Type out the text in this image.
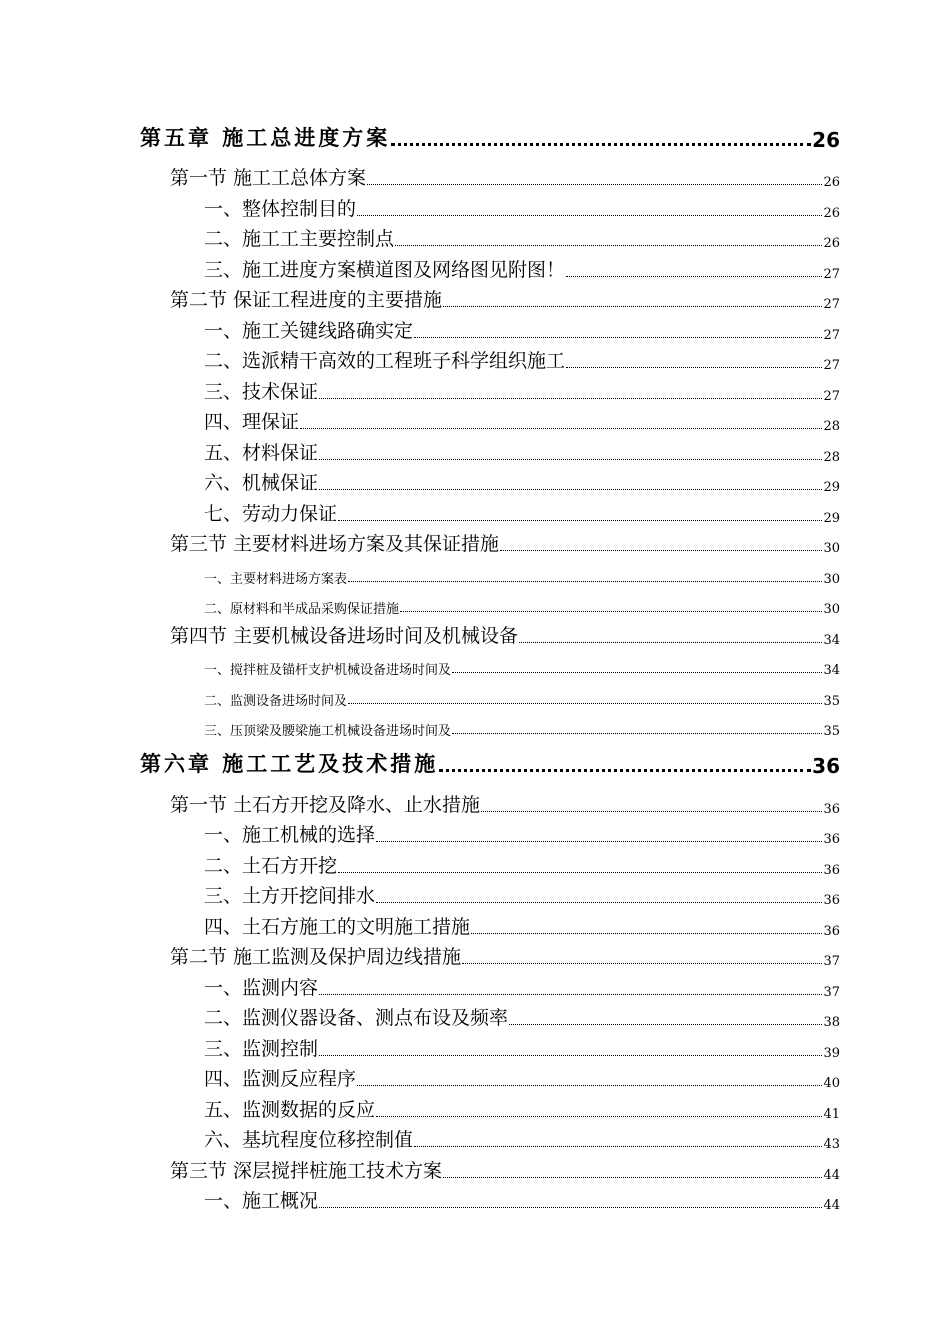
第五章 施工总进度方案	26
第一节 施工工总体方案	26
一、整体控制目的	26
二、施工工主要控制点	26
三、施工进度方案横道图及网络图见附图！	27
第二节 保证工程进度的主要措施	27
一、施工关键线路确实定	27
二、选派精干高效的工程班子科学组织施工	27
三、技术保证	27
四、理保证	28
五、材料保证	28
六、机械保证	29
七、劳动力保证	29
第三节 主要材料进场方案及其保证措施	30
一、主要材料进场方案表	30
二、原材料和半成品采购保证措施	30
第四节 主要机械设备进场时间及机械设备	34
一、搅拌桩及锚杆支护机械设备进场时间及	34
二、监测设备进场时间及	35
三、压顶梁及腰梁施工机械设备进场时间及	35
第六章 施工工艺及技术措施	36
第一节 土石方开挖及降水、止水措施	36
一、施工机械的选择	36
二、土石方开挖	36
三、土方开挖间排水	36
四、土石方施工的文明施工措施	36
第二节 施工监测及保护周边线措施	37
一、监测内容	37
二、监测仪器设备、测点布设及频率	38
三、监测控制	39
四、监测反应程序	40
五、监测数据的反应	41
六、基坑程度位移控制值	43
第三节 深层搅拌桩施工技术方案	44
一、施工概况	44
